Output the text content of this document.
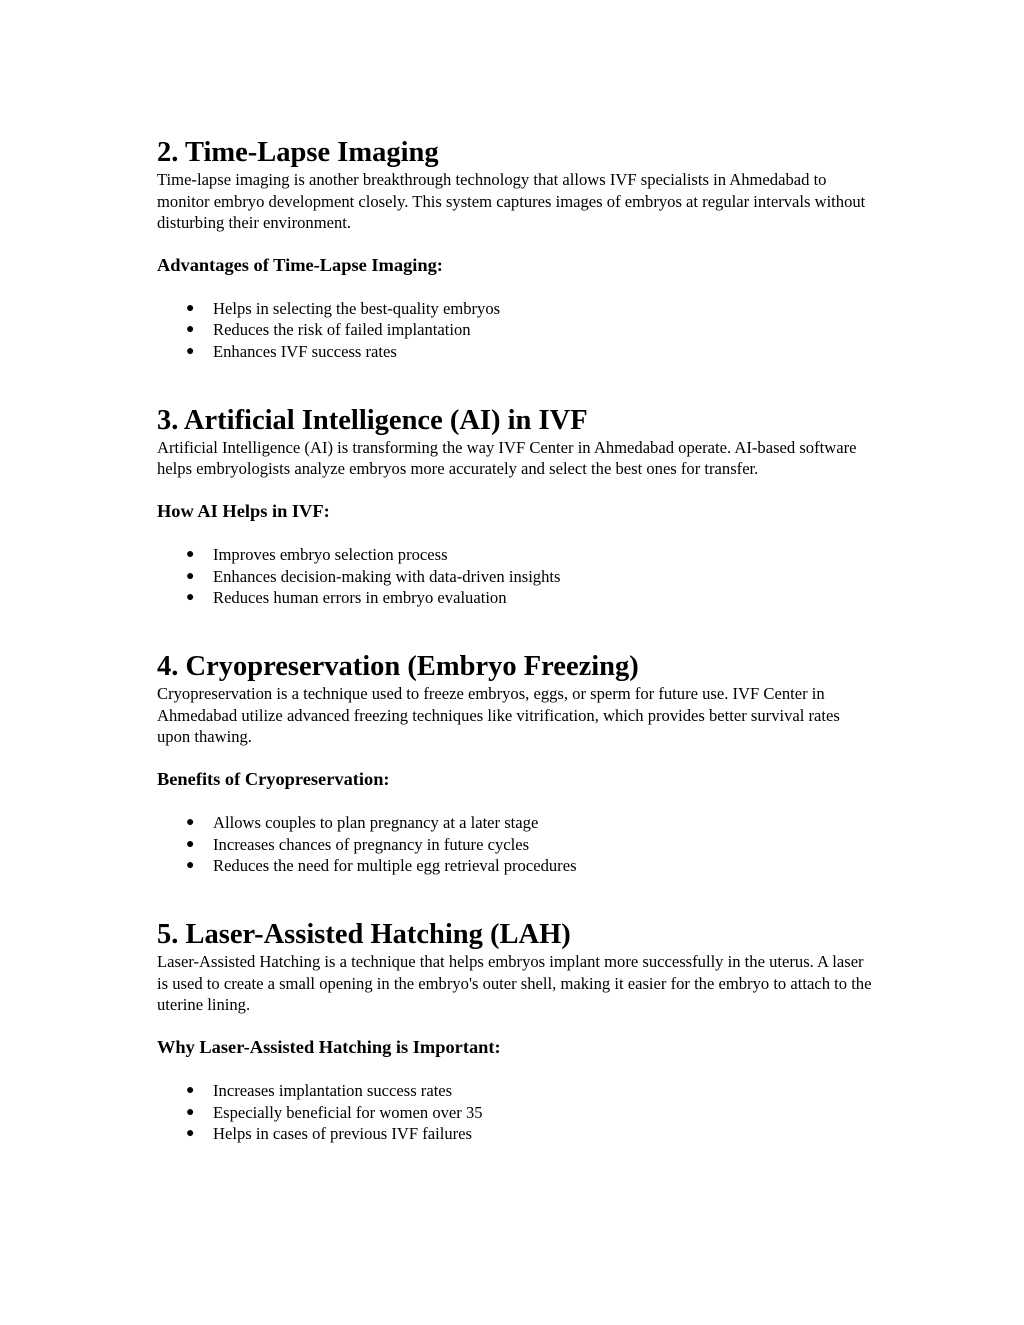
2. Time-Lapse Imaging

Time-lapse imaging is another breakthrough technology that allows IVF specialists in Ahmedabad to monitor embryo development closely. This system captures images of embryos at regular intervals without disturbing their environment.

Advantages of Time-Lapse Imaging:
● Helps in selecting the best-quality embryos
● Reduces the risk of failed implantation
● Enhances IVF success rates
3. Artificial Intelligence (AI) in IVF

Artificial Intelligence (AI) is transforming the way IVF Center in Ahmedabad operate. AI-based software helps embryologists analyze embryos more accurately and select the best ones for transfer.

How AI Helps in IVF:
● Improves embryo selection process
● Enhances decision-making with data-driven insights
● Reduces human errors in embryo evaluation
4. Cryopreservation (Embryo Freezing)

Cryopreservation is a technique used to freeze embryos, eggs, or sperm for future use. IVF Center in Ahmedabad utilize advanced freezing techniques like vitrification, which provides better survival rates upon thawing.

Benefits of Cryopreservation:
● Allows couples to plan pregnancy at a later stage
● Increases chances of pregnancy in future cycles
● Reduces the need for multiple egg retrieval procedures
5. Laser-Assisted Hatching (LAH)

Laser-Assisted Hatching is a technique that helps embryos implant more successfully in the uterus. A laser is used to create a small opening in the embryo's outer shell, making it easier for the embryo to attach to the uterine lining.

Why Laser-Assisted Hatching is Important:
● Increases implantation success rates
● Especially beneficial for women over 35
● Helps in cases of previous IVF failures
